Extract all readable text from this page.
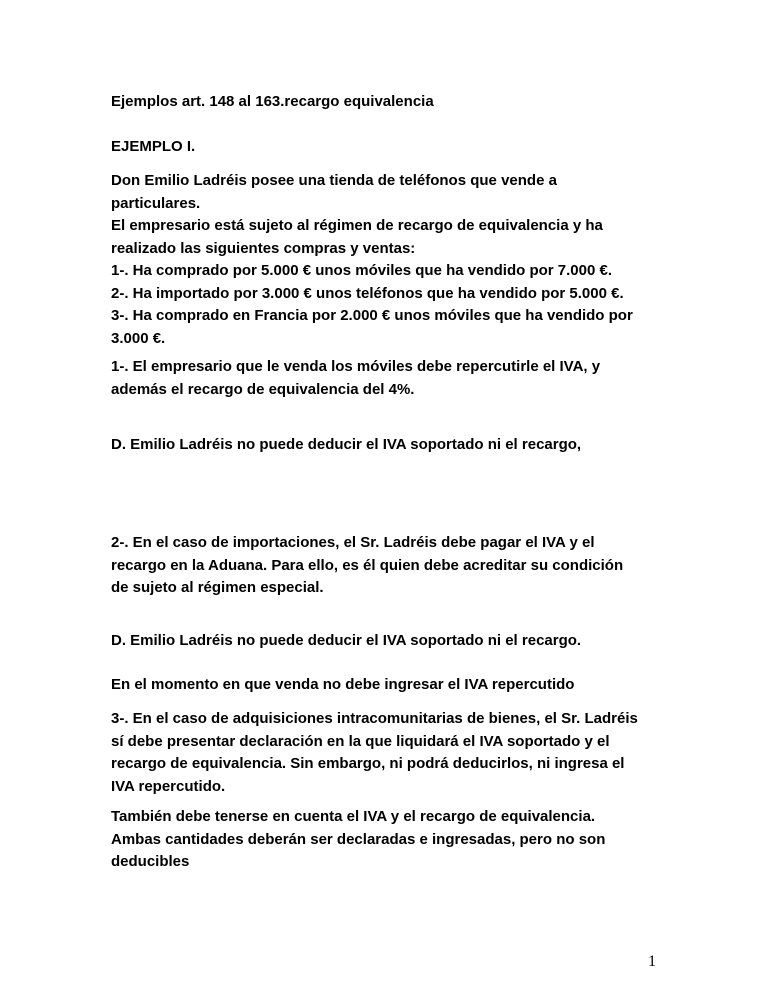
Ejemplos art. 148 al 163.recargo equivalencia

EJEMPLO I.

Don Emilio Ladréis posee una tienda de teléfonos que vende a
particulares.
El empresario está sujeto al régimen de recargo de equivalencia y ha
realizado las siguientes compras y ventas:
1-. Ha comprado por 5.000 € unos móviles que ha vendido por 7.000 €.
2-. Ha importado por 3.000 € unos teléfonos que ha vendido por 5.000 €.
3-. Ha comprado en Francia por 2.000 € unos móviles que ha vendido por
3.000 €.

1-. El empresario que le venda los móviles debe repercutirle el IVA, y
además el recargo de equivalencia del 4%.

D. Emilio Ladréis no puede deducir el IVA soportado ni el recargo,

2-. En el caso de importaciones, el Sr. Ladréis debe pagar el IVA y el
recargo en la Aduana. Para ello, es él quien debe acreditar su condición
de sujeto al régimen especial.

D. Emilio Ladréis no puede deducir el IVA soportado ni el recargo.

En el momento en que venda no debe ingresar el IVA repercutido

3-. En el caso de adquisiciones intracomunitarias de bienes, el Sr. Ladréis
sí debe presentar declaración en la que liquidará el IVA soportado y el
recargo de equivalencia. Sin embargo, ni podrá deducirlos, ni ingresa el
IVA repercutido.

También debe tenerse en cuenta el IVA y el recargo de equivalencia.
Ambas cantidades deberán ser declaradas e ingresadas, pero no son
deducibles

1
